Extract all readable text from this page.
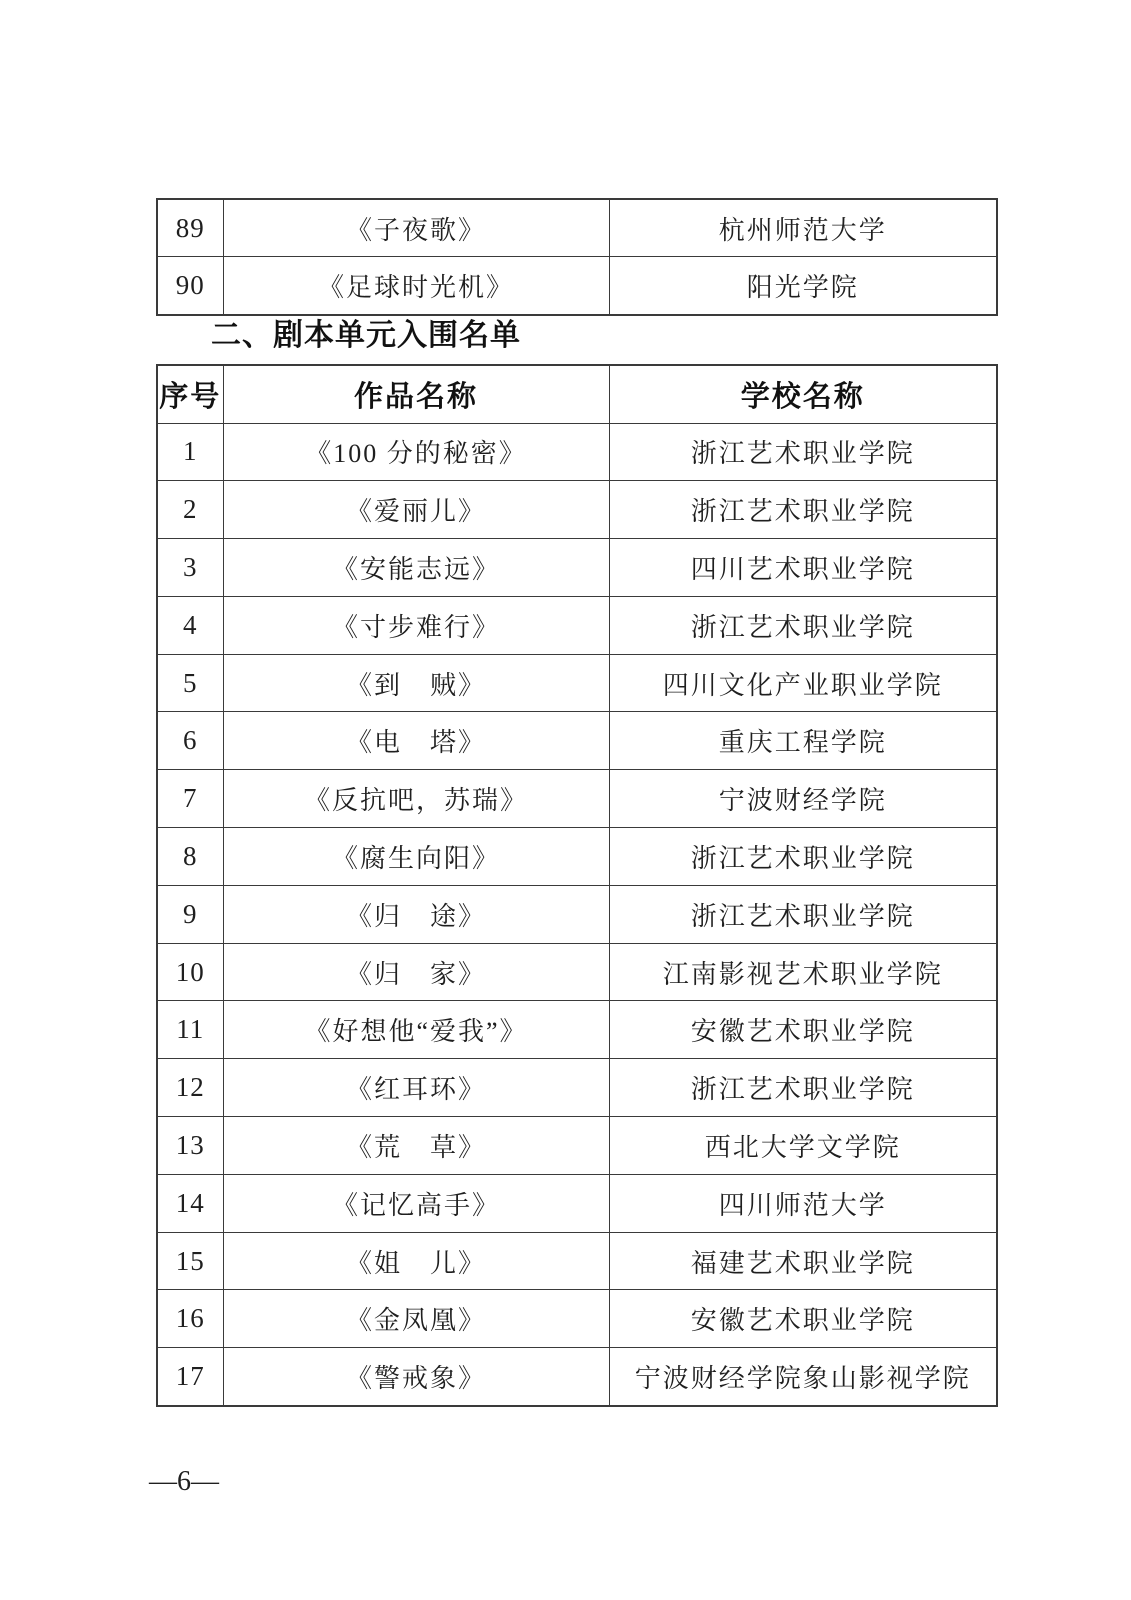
89	《子夜歌》	杭州师范大学
90	《足球时光机》	阳光学院
二、剧本单元入围名单
序号	作品名称	学校名称
1	《100 分的秘密》	浙江艺术职业学院
2	《爱丽儿》	浙江艺术职业学院
3	《安能志远》	四川艺术职业学院
4	《寸步难行》	浙江艺术职业学院
5	《到　贼》	四川文化产业职业学院
6	《电　塔》	重庆工程学院
7	《反抗吧，苏瑞》	宁波财经学院
8	《腐生向阳》	浙江艺术职业学院
9	《归　途》	浙江艺术职业学院
10	《归　家》	江南影视艺术职业学院
11	《好想他“爱我”》	安徽艺术职业学院
12	《红耳环》	浙江艺术职业学院
13	《荒　草》	西北大学文学院
14	《记忆高手》	四川师范大学
15	《姐　儿》	福建艺术职业学院
16	《金凤凰》	安徽艺术职业学院
17	《警戒象》	宁波财经学院象山影视学院
—6—
